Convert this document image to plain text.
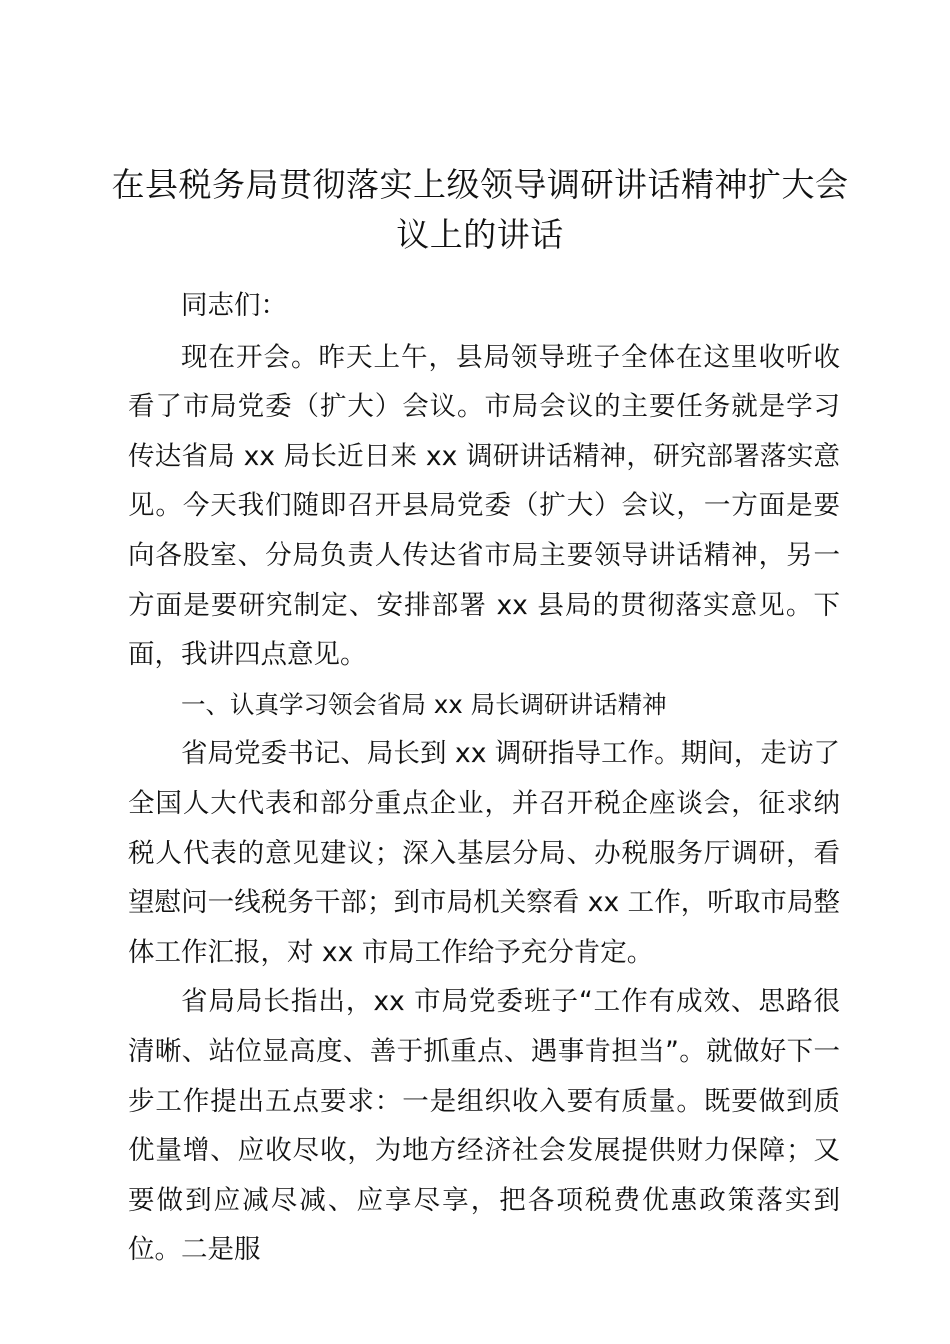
在县税务局贯彻落实上级领导调研讲话精神扩大会议上的讲话

同志们：

现在开会。昨天上午，县局领导班子全体在这里收听收看了市局党委（扩大）会议。市局会议的主要任务就是学习传达省局 xx 局长近日来 xx 调研讲话精神，研究部署落实意见。今天我们随即召开县局党委（扩大）会议，一方面是要向各股室、分局负责人传达省市局主要领导讲话精神，另一方面是要研究制定、安排部署 xx 县局的贯彻落实意见。下面，我讲四点意见。

一、认真学习领会省局 xx 局长调研讲话精神

省局党委书记、局长到 xx 调研指导工作。期间，走访了全国人大代表和部分重点企业，并召开税企座谈会，征求纳税人代表的意见建议；深入基层分局、办税服务厅调研，看望慰问一线税务干部；到市局机关察看 xx 工作，听取市局整体工作汇报，对 xx 市局工作给予充分肯定。

省局局长指出，xx 市局党委班子“工作有成效、思路很清晰、站位显高度、善于抓重点、遇事肯担当”。就做好下一步工作提出五点要求：一是组织收入要有质量。既要做到质优量增、应收尽收，为地方经济社会发展提供财力保障；又要做到应减尽减、应享尽享，把各项税费优惠政策落实到位。二是服
